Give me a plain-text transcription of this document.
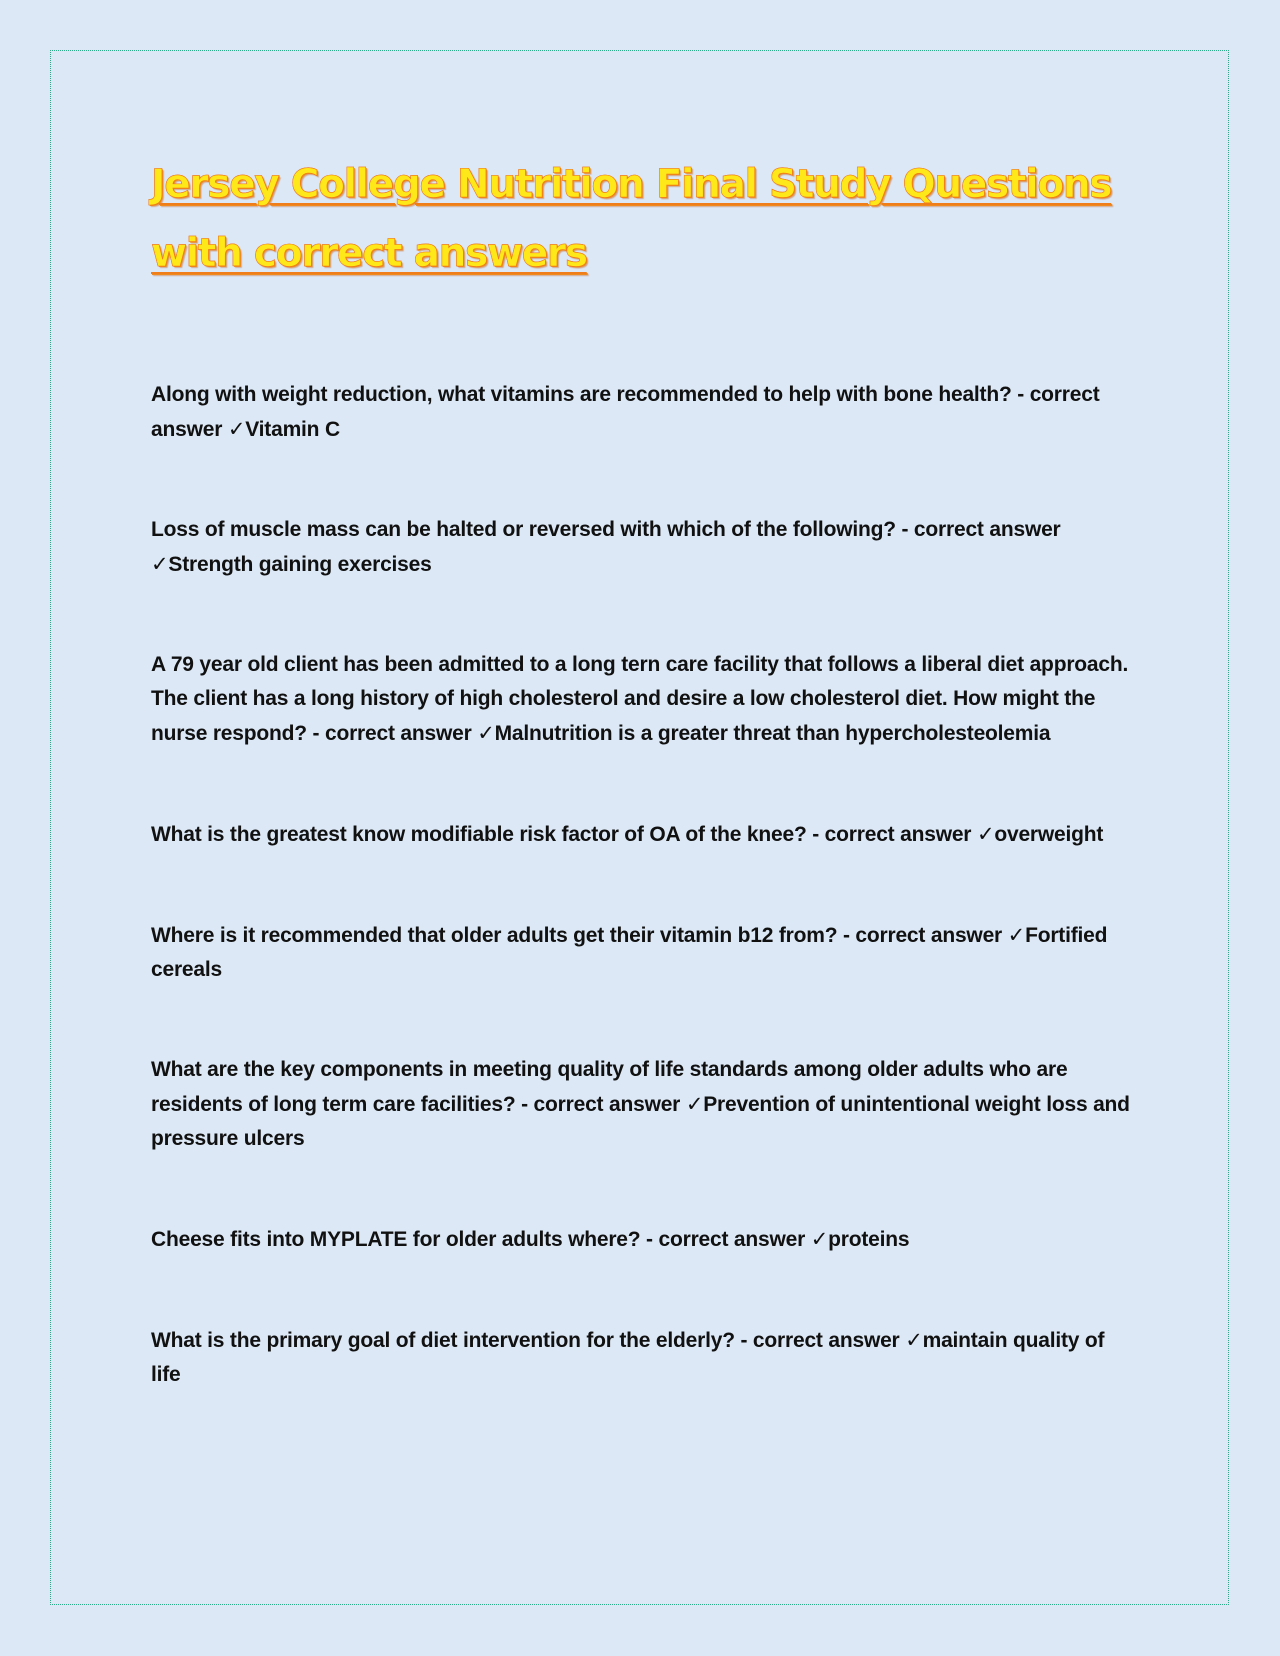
Jersey College Nutrition Final Study Questions
with correct answers
Along with weight reduction, what vitamins are recommended to help with bone health? - correct answer ✓Vitamin C
Loss of muscle mass can be halted or reversed with which of the following? - correct answer ✓Strength gaining exercises
A 79 year old client has been admitted to a long tern care facility that follows a liberal diet approach. The client has a long history of high cholesterol and desire a low cholesterol diet. How might the nurse respond? - correct answer ✓Malnutrition is a greater threat than hypercholesteolemia
What is the greatest know modifiable risk factor of OA of the knee? - correct answer ✓overweight
Where is it recommended that older adults get their vitamin b12 from? - correct answer ✓Fortified cereals
What are the key components in meeting quality of life standards among older adults who are residents of long term care facilities? - correct answer ✓Prevention of unintentional weight loss and pressure ulcers
Cheese fits into MYPLATE for older adults where? - correct answer ✓proteins
What is the primary goal of diet intervention for the elderly? - correct answer ✓maintain quality of life
